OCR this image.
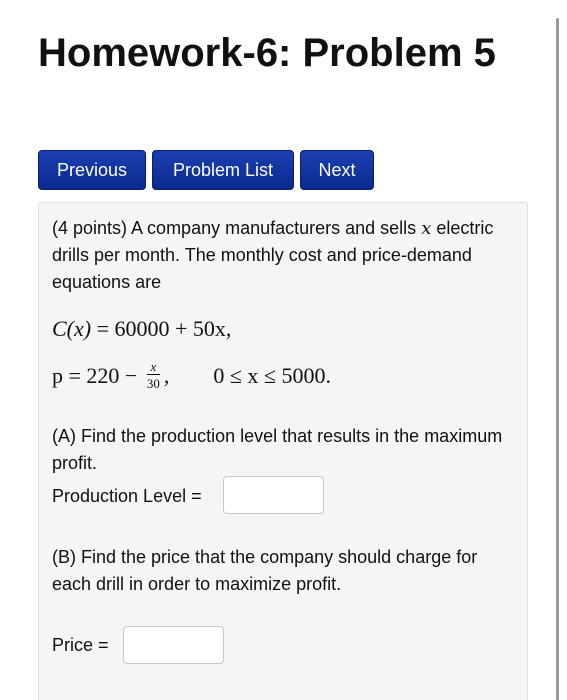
Homework-6: Problem 5
Previous	Problem List	Next

(4 points) A company manufacturers and sells x electric drills per month. The monthly cost and price-demand equations are

C(x) = 60000 + 50x,
$p = 220 - \frac{x}{30}$ , 0 ≤ x ≤ 5000.

(A) Find the production level that results in the maximum profit.

Production Level =

(B) Find the price that the company should charge for each drill in order to maximize profit.

Price =
